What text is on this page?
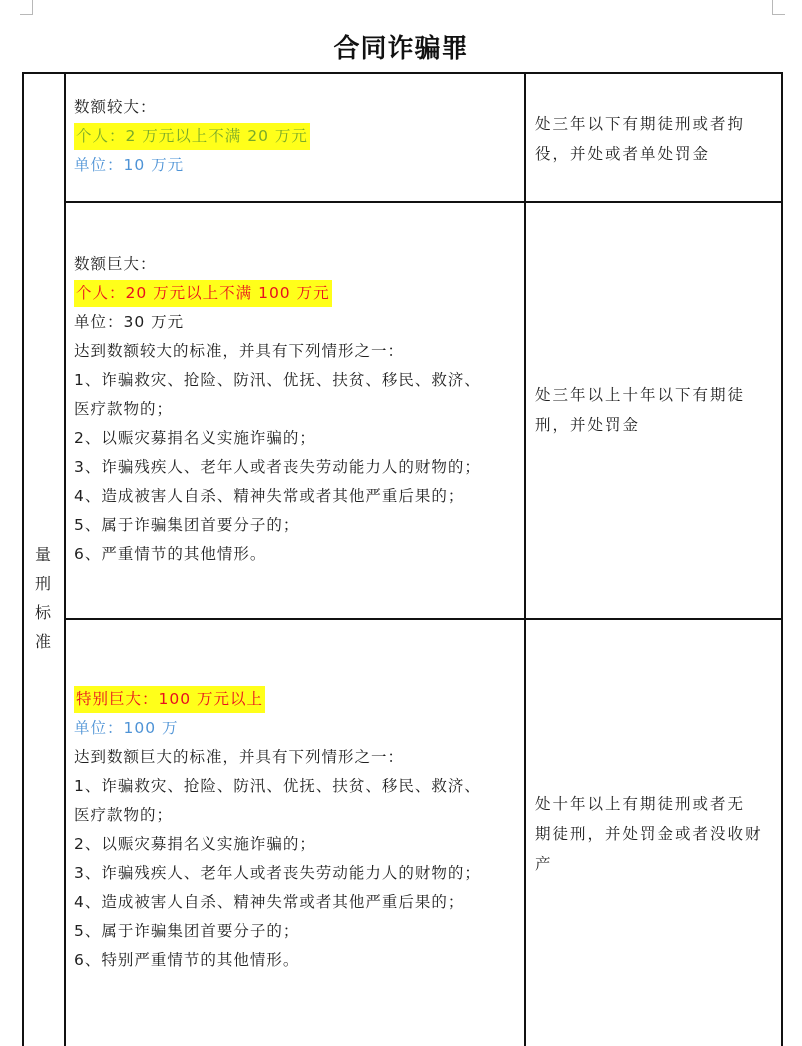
合同诈骗罪
量
刑
标
准
数额较大：
个人：2 万元以上不满 20 万元
单位：10 万元
处三年以下有期徒刑或者拘
役，并处或者单处罚金
数额巨大：
个人：20 万元以上不满 100 万元
单位：30 万元
达到数额较大的标准，并具有下列情形之一：
1、诈骗救灾、抢险、防汛、优抚、扶贫、移民、救济、
医疗款物的；
2、以赈灾募捐名义实施诈骗的；
3、诈骗残疾人、老年人或者丧失劳动能力人的财物的；
4、造成被害人自杀、精神失常或者其他严重后果的；
5、属于诈骗集团首要分子的；
6、严重情节的其他情形。
处三年以上十年以下有期徒
刑，并处罚金
特别巨大：100 万元以上
单位：100 万
达到数额巨大的标准，并具有下列情形之一：
1、诈骗救灾、抢险、防汛、优抚、扶贫、移民、救济、
医疗款物的；
2、以赈灾募捐名义实施诈骗的；
3、诈骗残疾人、老年人或者丧失劳动能力人的财物的；
4、造成被害人自杀、精神失常或者其他严重后果的；
5、属于诈骗集团首要分子的；
6、特别严重情节的其他情形。
处十年以上有期徒刑或者无
期徒刑，并处罚金或者没收财
产
